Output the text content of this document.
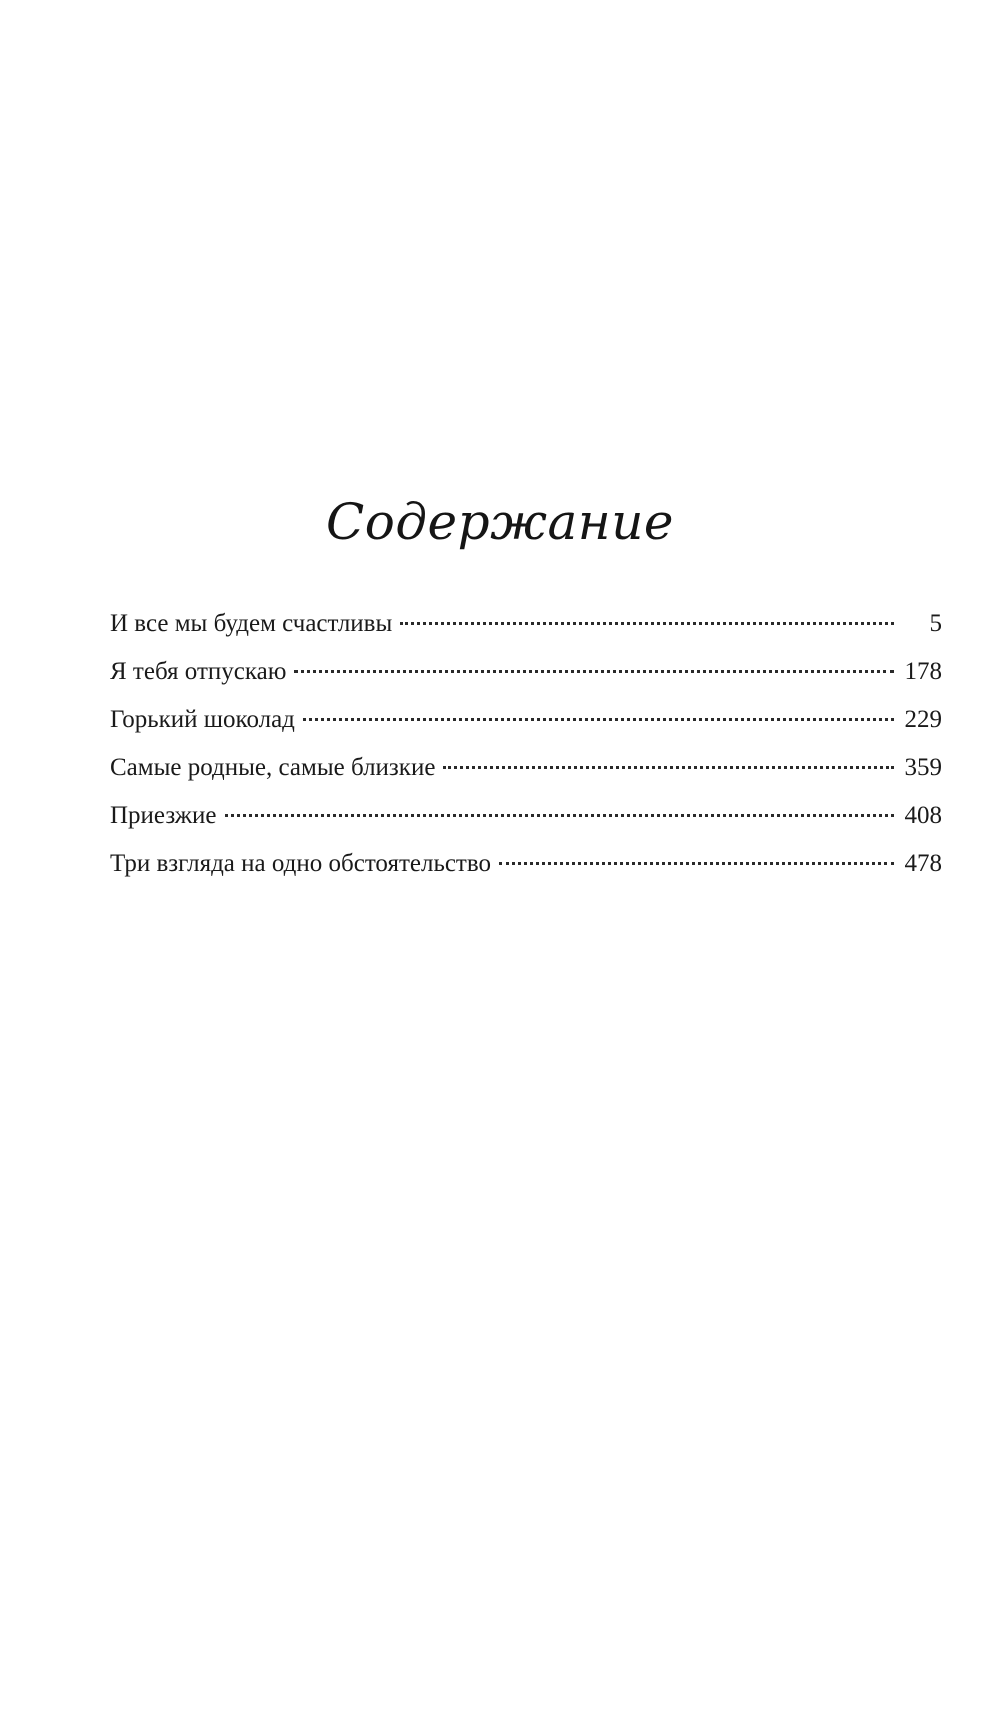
Содержание
И все мы будем счастливы	5
Я тебя отпускаю	178
Горький шоколад	229
Самые родные, самые близкие	359
Приезжие	408
Три взгляда на одно обстоятельство	478
